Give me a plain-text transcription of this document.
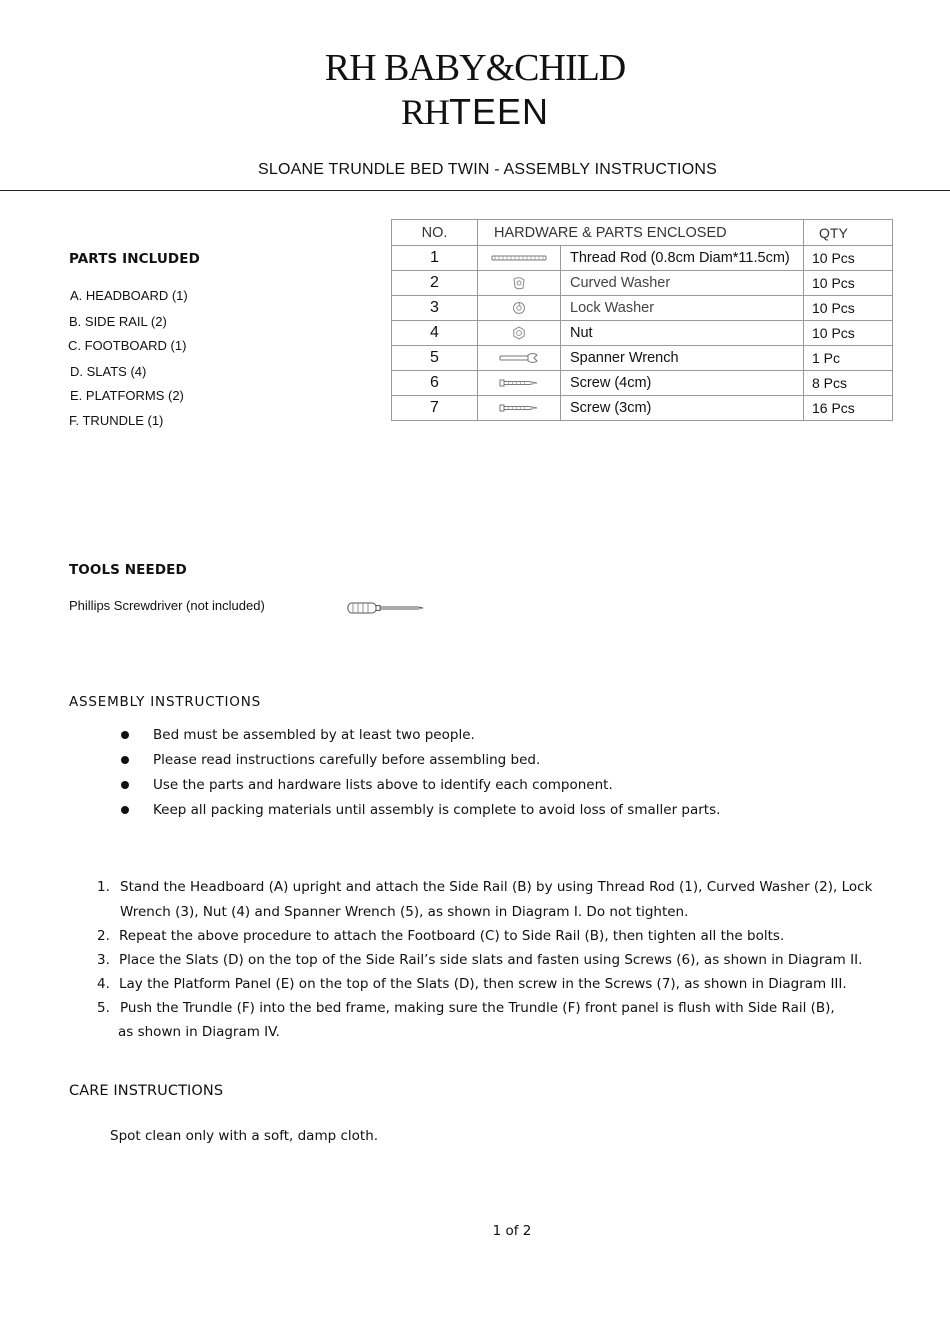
RH BABY&CHILD
RHTEEN
SLOANE TRUNDLE BED TWIN - ASSEMBLY INSTRUCTIONS
PARTS INCLUDED
A. HEADBOARD (1)
B. SIDE RAIL (2)
C. FOOTBOARD (1)
D. SLATS (4)
E. PLATFORMS (2)
F. TRUNDLE (1)
NO.	HARDWARE & PARTS ENCLOSED		QTY
1		Thread Rod (0.8cm Diam*11.5cm)	10 Pcs
2		Curved Washer	10 Pcs
3		Lock Washer	10 Pcs
4		Nut	10 Pcs
5		Spanner Wrench	1 Pc
6		Screw (4cm)	8 Pcs
7		Screw (3cm)	16 Pcs
TOOLS NEEDED
Phillips Screwdriver (not included)
ASSEMBLY INSTRUCTIONS
Bed must be assembled by at least two people.
Please read instructions carefully before assembling bed.
Use the parts and hardware lists above to identify each component.
Keep all packing materials until assembly is complete to avoid loss of smaller parts.
1. Stand the Headboard (A) upright and attach the Side Rail (B) by using Thread Rod (1), Curved Washer (2), Lock
Wrench (3), Nut (4) and Spanner Wrench (5), as shown in Diagram I. Do not tighten.
2. Repeat the above procedure to attach the Footboard (C) to Side Rail (B), then tighten all the bolts.
3. Place the Slats (D) on the top of the Side Rail’s side slats and fasten using Screws (6), as shown in Diagram II.
4. Lay the Platform Panel (E) on the top of the Slats (D), then screw in the Screws (7), as shown in Diagram III.
5. Push the Trundle (F) into the bed frame, making sure the Trundle (F) front panel is flush with Side Rail (B),
as shown in Diagram IV.
CARE INSTRUCTIONS
Spot clean only with a soft, damp cloth.
1 of 2
